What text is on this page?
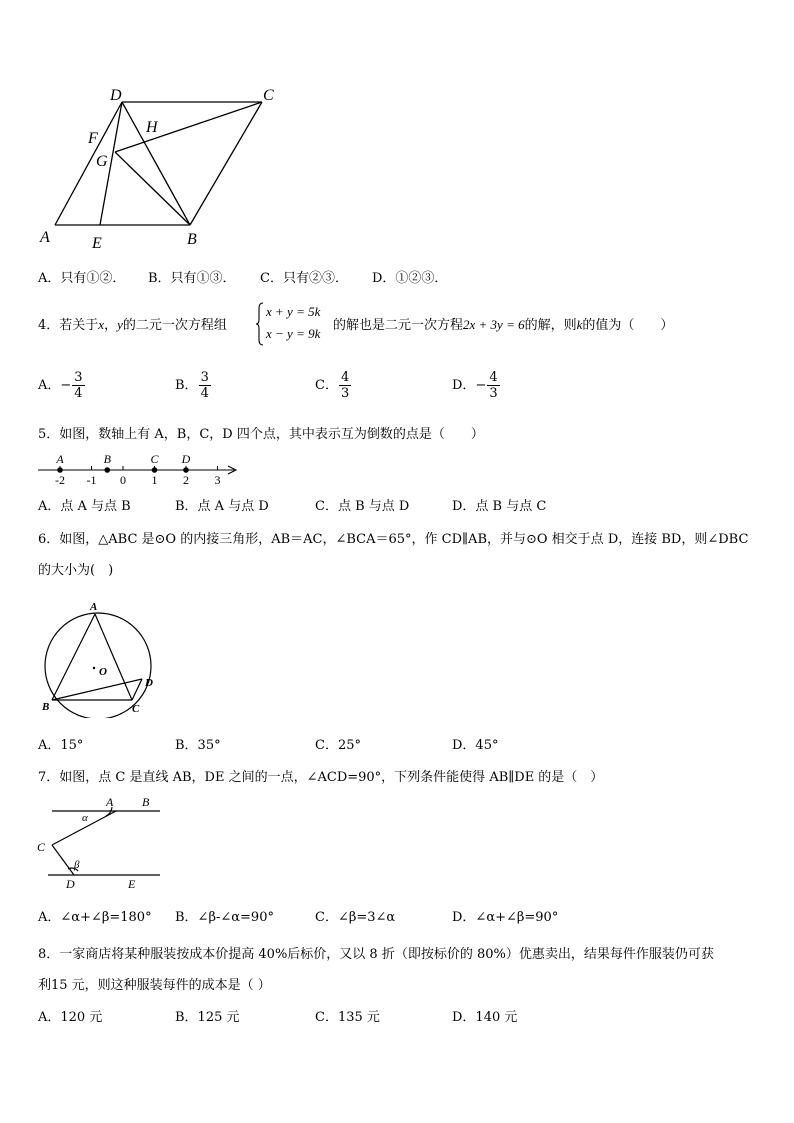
D	C
F
H
G
A	E	B
A．只有①②． B．只有①③． C．只有②③． D．①②③．
4．若关于x，y的二元一次方程组
x + y = 5k
x − y = 9k
的解也是二元一次方程2x + 3y = 6的解，则k的值为（　　）
A．− $\frac{3}{4}$	B． $\frac{3}{4}$	C． $\frac{4}{3}$	D．− $\frac{4}{3}$
5．如图，数轴上有 A，B，C，D 四个点，其中表示互为倒数的点是（　　）
-2 -1 0 1 2 3
A	B	C D
A．点 A 与点 B	B．点 A 与点 D	C．点 B 与点 D	D．点 B 与点 C
6．如图，△ABC 是⊙O 的内接三角形，AB＝AC，∠BCA＝65°，作 CD∥AB，并与⊙O 相交于点 D，连接 BD，则∠DBC
的大小为(　)
A
O
B	C
D
A．15°	B．35°	C．25°	D．45°
7．如图，点 C 是直线 AB，DE 之间的一点，∠ACD=90°，下列条件能使得 AB∥DE 的是（　）
A B
C
D	E
α
β
A．∠α+∠β=180° B．∠β-∠α=90°	C．∠β=3∠α	D．∠α+∠β=90°
8．一家商店将某种服装按成本价提高 40%后标价，又以 8 折（即按标价的 80%）优惠卖出，结果每件作服装仍可获
利15 元，则这种服装每件的成本是（ ）
A．120 元	B．125 元	C．135 元	D．140 元
